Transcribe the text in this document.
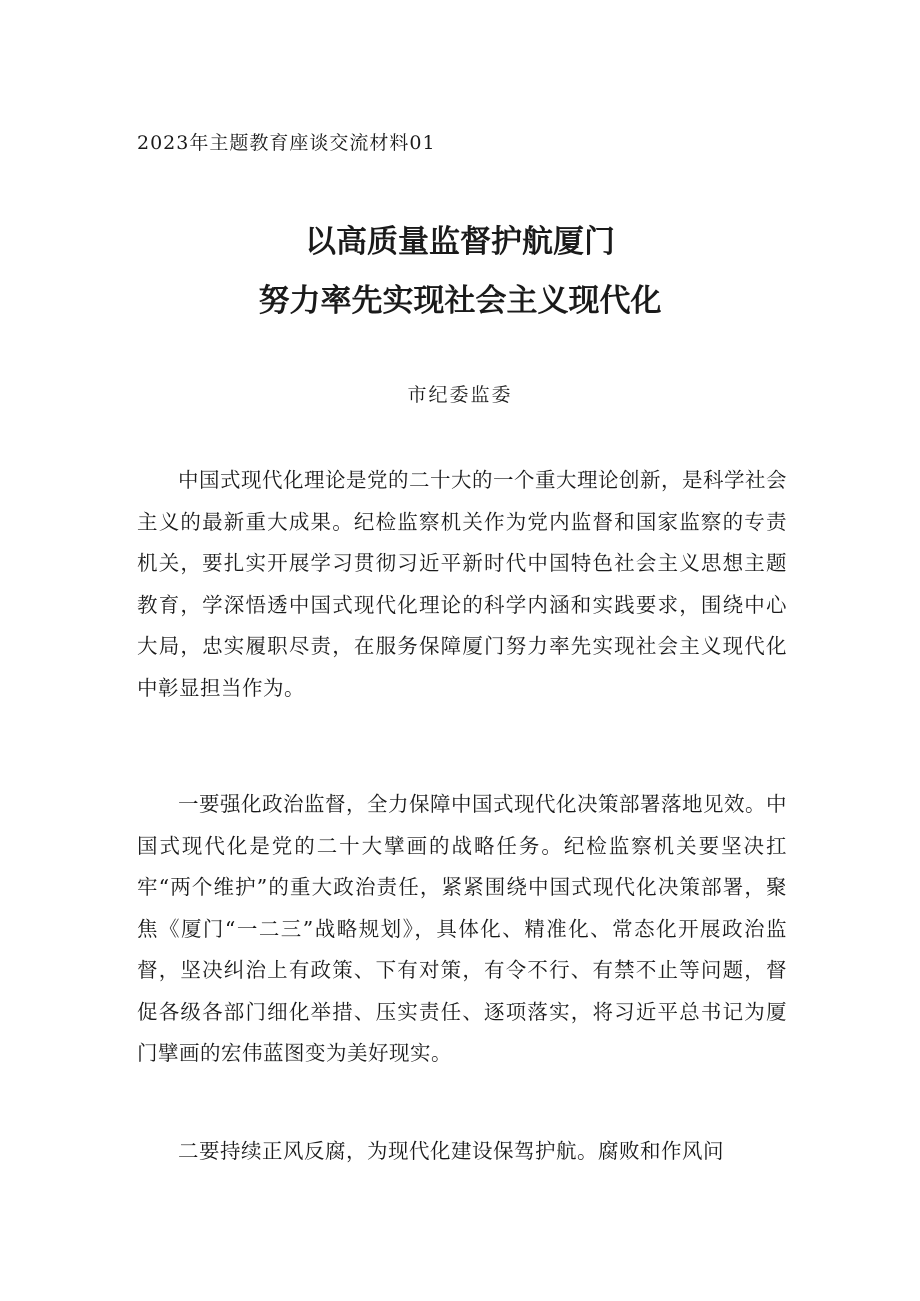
2023年主题教育座谈交流材料01
以高质量监督护航厦门
努力率先实现社会主义现代化
市纪委监委

中国式现代化理论是党的二十大的一个重大理论创新，是科学社会主义的最新重大成果。纪检监察机关作为党内监督和国家监察的专责机关，要扎实开展学习贯彻习近平新时代中国特色社会主义思想主题教育，学深悟透中国式现代化理论的科学内涵和实践要求，围绕中心大局，忠实履职尽责，在服务保障厦门努力率先实现社会主义现代化中彰显担当作为。

一要强化政治监督，全力保障中国式现代化决策部署落地见效。中国式现代化是党的二十大擘画的战略任务。纪检监察机关要坚决扛牢“两个维护”的重大政治责任，紧紧围绕中国式现代化决策部署，聚焦《厦门“一二三”战略规划》，具体化、精准化、常态化开展政治监督，坚决纠治上有政策、下有对策，有令不行、有禁不止等问题，督促各级各部门细化举措、压实责任、逐项落实，将习近平总书记为厦门擘画的宏伟蓝图变为美好现实。

二要持续正风反腐，为现代化建设保驾护航。腐败和作风问
